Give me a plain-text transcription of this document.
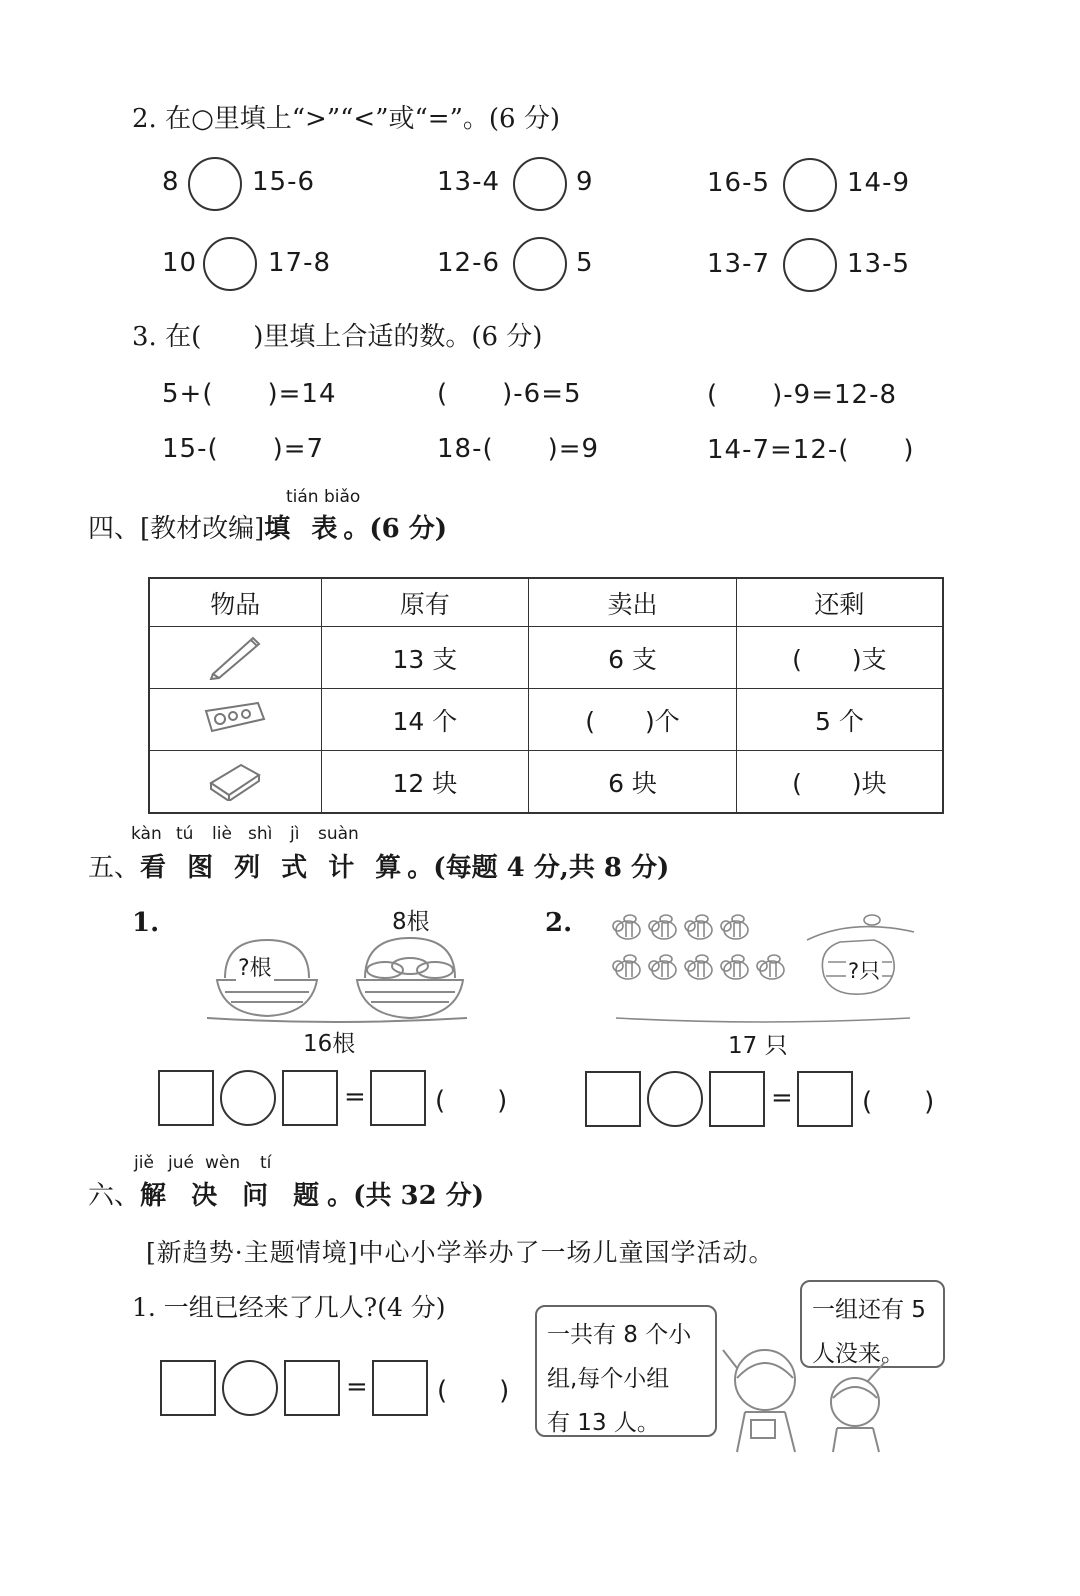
2. 在○里填上“>”“<”或“=”。(6 分)
8	15-6	13-4	9	16-5	14-9
10	17-8	12-6	5	13-7	13-5
3. 在(　　)里填上合适的数。(6 分)
5+(　　)=14	(　　)-6=5	(　　)-9=12-8
15-(　　)=7	18-(　　)=9	14-7=12-(　　)
tián biǎo
四、[教材改编]填 表。(6 分)
物品	原有	卖出	还剩
	13 支	6 支	(　　)支
	14 个	(　　)个	5 个
	12 块	6 块	(　　)块
kàn tú liè shì jì suàn
五、看 图 列 式 计 算。(每题 4 分,共 8 分)
1.	8根
?根
16根
=	(　　)
2.
?只
17 只
=	(　　)
jiě jué wèn tí
六、解 决 问 题。(共 32 分)
[新趋势·主题情境]中心小学举办了一场儿童国学活动。
1. 一组已经来了几人?(4 分)
=	(　　)
一共有 8 个小
组,每个小组
有 13 人。
一组还有 5
人没来。
